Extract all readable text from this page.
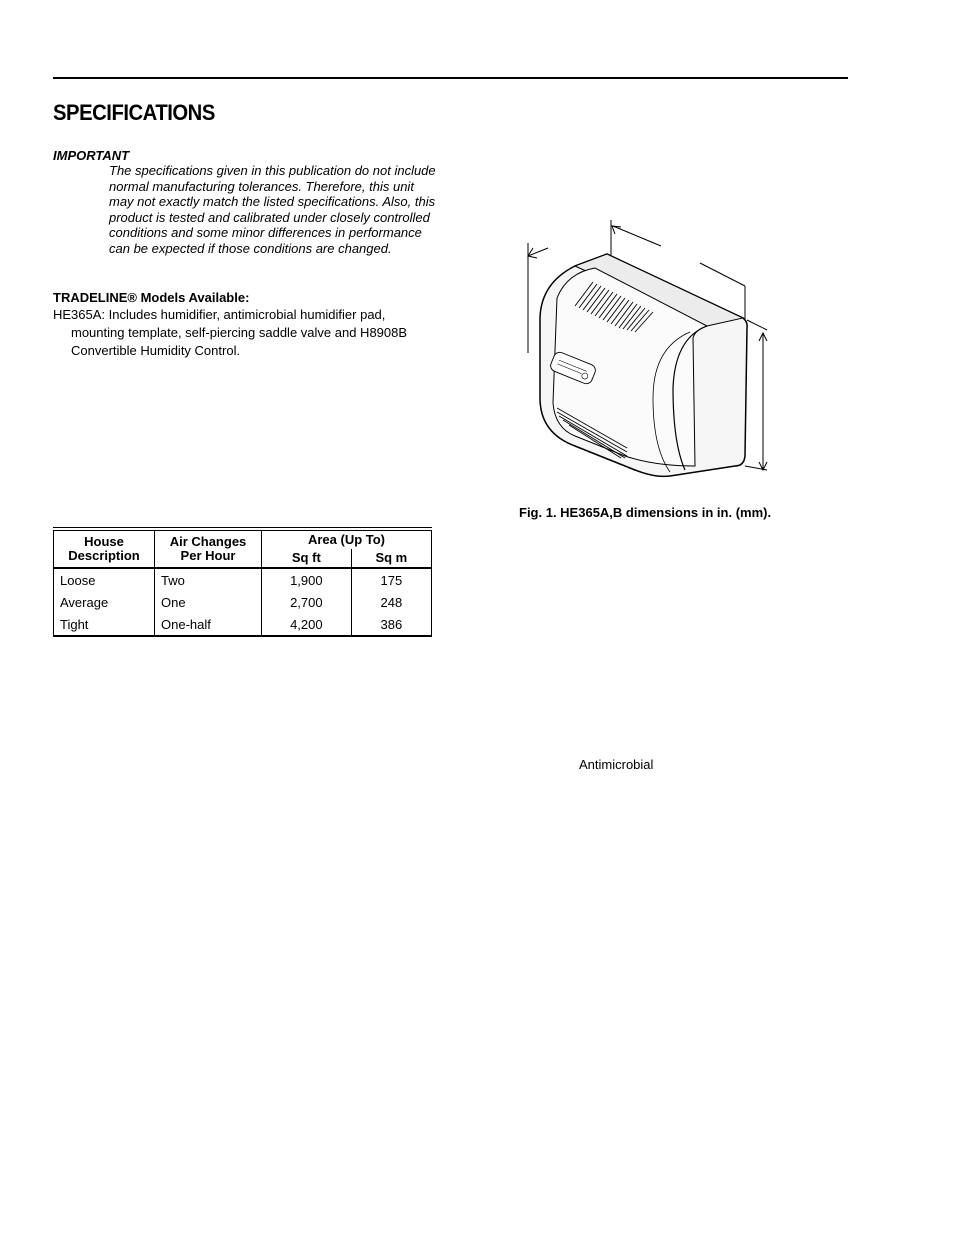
SPECIFICATIONS
IMPORTANT
The specifications given in this publication do not include normal manufacturing tolerances. Therefore, this unit may not exactly match the listed specifications. Also, this product is tested and calibrated under closely controlled conditions and some minor differences in performance can be expected if those conditions are changed.
TRADELINE® Models Available:
HE365A: Includes humidifier, antimicrobial humidifier pad, mounting template, self-piercing saddle valve and H8908B Convertible Humidity Control.
Fig. 1. HE365A,B dimensions in in. (mm).
House Description	Air Changes Per Hour	Area (Up To)	
		Sq ft	Sq m
Loose	Two	1,900	175
Average	One	2,700	248
Tight	One-half	4,200	386
Antimicrobial
